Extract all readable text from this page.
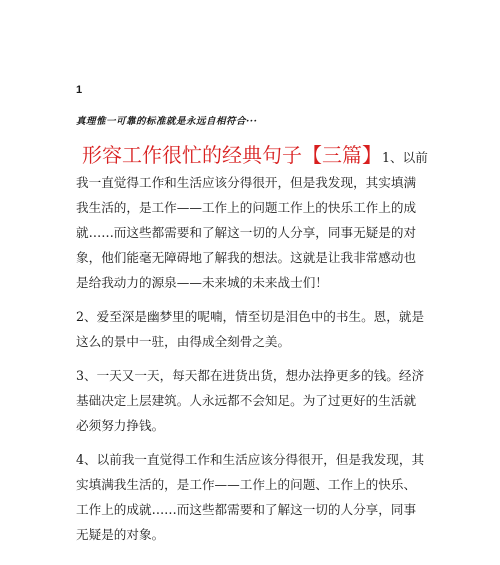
1
真理惟一可靠的标准就是永远自相符合···

形容工作很忙的经典句子【三篇】1、以前我一直觉得工作和生活应该分得很开，但是我发现，其实填满我生活的，是工作——工作上的问题工作上的快乐工作上的成就……而这些都需要和了解这一切的人分享，同事无疑是的对象，他们能毫无障碍地了解我的想法。这就是让我非常感动也是给我动力的源泉——未来城的未来战士们！

2、爱至深是幽梦里的呢喃，情至切是泪色中的书生。恩，就是这么的景中一驻，由得成全刻骨之美。

3、一天又一天，每天都在进货出货，想办法挣更多的钱。经济基础决定上层建筑。人永远都不会知足。为了过更好的生活就必须努力挣钱。

4、以前我一直觉得工作和生活应该分得很开，但是我发现，其实填满我生活的，是工作——工作上的问题、工作上的快乐、工作上的成就……而这些都需要和了解这一切的人分享，同事无疑是的对象。
